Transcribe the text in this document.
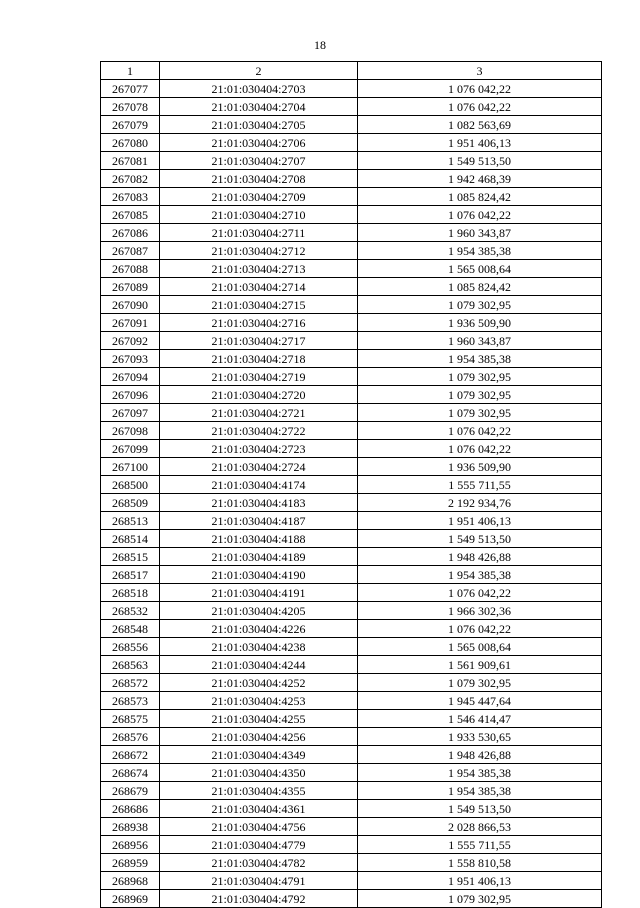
18
1	2	3
267077	21:01:030404:2703	1 076 042,22
267078	21:01:030404:2704	1 076 042,22
267079	21:01:030404:2705	1 082 563,69
267080	21:01:030404:2706	1 951 406,13
267081	21:01:030404:2707	1 549 513,50
267082	21:01:030404:2708	1 942 468,39
267083	21:01:030404:2709	1 085 824,42
267085	21:01:030404:2710	1 076 042,22
267086	21:01:030404:2711	1 960 343,87
267087	21:01:030404:2712	1 954 385,38
267088	21:01:030404:2713	1 565 008,64
267089	21:01:030404:2714	1 085 824,42
267090	21:01:030404:2715	1 079 302,95
267091	21:01:030404:2716	1 936 509,90
267092	21:01:030404:2717	1 960 343,87
267093	21:01:030404:2718	1 954 385,38
267094	21:01:030404:2719	1 079 302,95
267096	21:01:030404:2720	1 079 302,95
267097	21:01:030404:2721	1 079 302,95
267098	21:01:030404:2722	1 076 042,22
267099	21:01:030404:2723	1 076 042,22
267100	21:01:030404:2724	1 936 509,90
268500	21:01:030404:4174	1 555 711,55
268509	21:01:030404:4183	2 192 934,76
268513	21:01:030404:4187	1 951 406,13
268514	21:01:030404:4188	1 549 513,50
268515	21:01:030404:4189	1 948 426,88
268517	21:01:030404:4190	1 954 385,38
268518	21:01:030404:4191	1 076 042,22
268532	21:01:030404:4205	1 966 302,36
268548	21:01:030404:4226	1 076 042,22
268556	21:01:030404:4238	1 565 008,64
268563	21:01:030404:4244	1 561 909,61
268572	21:01:030404:4252	1 079 302,95
268573	21:01:030404:4253	1 945 447,64
268575	21:01:030404:4255	1 546 414,47
268576	21:01:030404:4256	1 933 530,65
268672	21:01:030404:4349	1 948 426,88
268674	21:01:030404:4350	1 954 385,38
268679	21:01:030404:4355	1 954 385,38
268686	21:01:030404:4361	1 549 513,50
268938	21:01:030404:4756	2 028 866,53
268956	21:01:030404:4779	1 555 711,55
268959	21:01:030404:4782	1 558 810,58
268968	21:01:030404:4791	1 951 406,13
268969	21:01:030404:4792	1 079 302,95
